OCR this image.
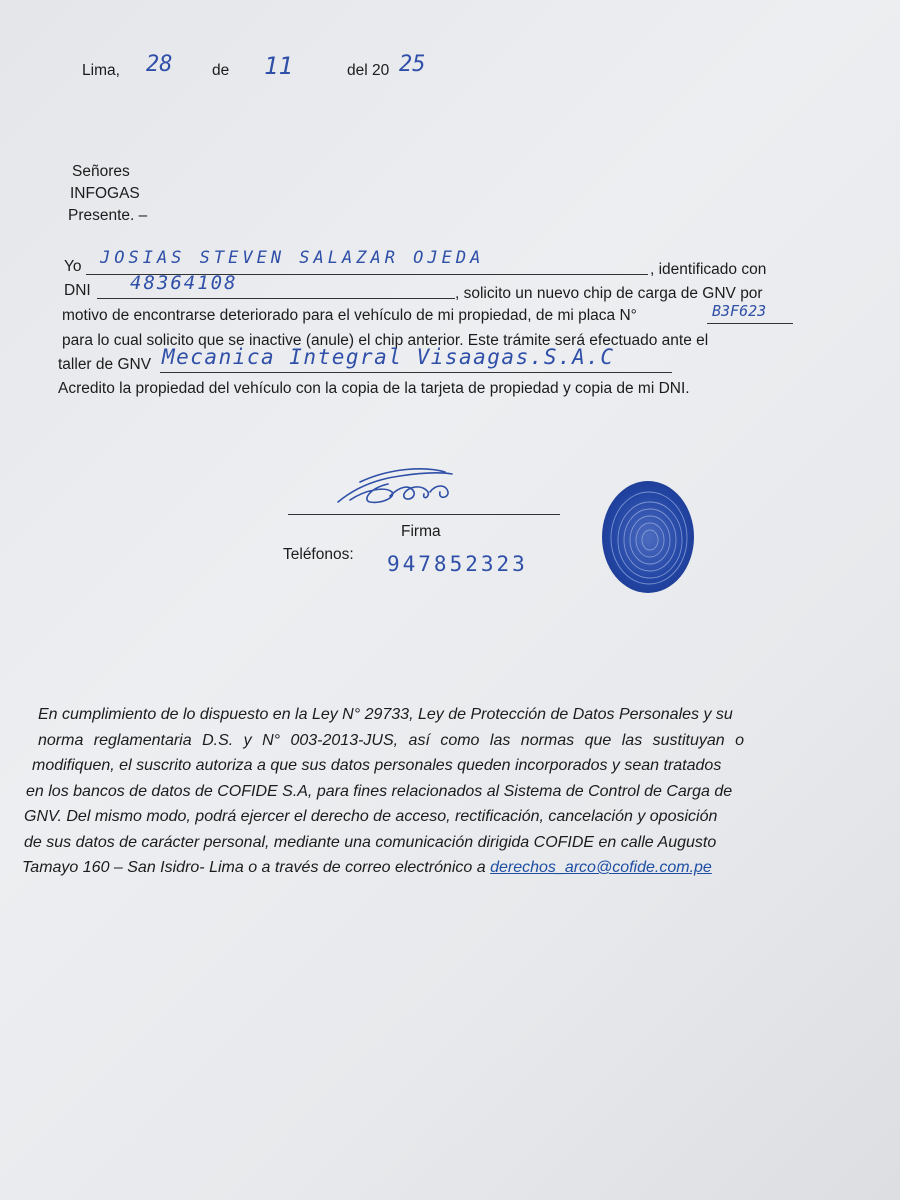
Lima, 28	de 11	del 20 25
Señores
INFOGAS
Presente. –
Yo JOSIAS STEVEN SALAZAR OJEDA
, identificado con
DNI 48364108	, solicito un nuevo chip de carga de GNV por
motivo de encontrarse deteriorado para el vehículo de mi propiedad, de mi placa N°	B3F623
para lo cual solicito que se inactive (anule) el chip anterior. Este trámite será efectuado ante el
taller de GNV Mecanica Integral Visaagas.S.A.C
Acredito la propiedad del vehículo con la copia de la tarjeta de propiedad y copia de mi DNI.
Firma
Teléfonos: 947852323
En cumplimiento de lo dispuesto en la Ley N° 29733, Ley de Protección de Datos Personales y su
norma reglamentaria D.S. y N° 003-2013-JUS, así como las normas que las sustituyan o
modifiquen, el suscrito autoriza a que sus datos personales queden incorporados y sean tratados
en los bancos de datos de COFIDE S.A, para fines relacionados al Sistema de Control de Carga de
GNV. Del mismo modo, podrá ejercer el derecho de acceso, rectificación, cancelación y oposición
de sus datos de carácter personal, mediante una comunicación dirigida COFIDE en calle Augusto
Tamayo 160 – San Isidro- Lima o a través de correo electrónico a derechos_arco@cofide.com.pe
